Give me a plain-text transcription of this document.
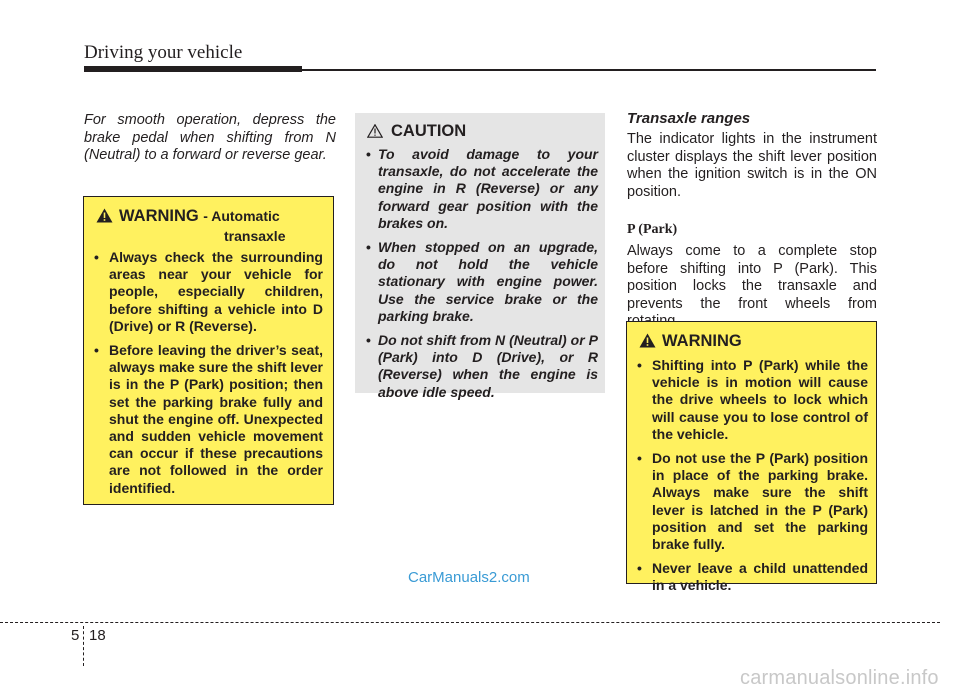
Driving your vehicle
For smooth operation, depress the brake pedal when shifting from N (Neutral) to a forward or reverse gear.
WARNING - Automatic
transaxle
• Always check the surrounding areas near your vehicle for people, especially children, before shifting a vehicle into D (Drive) or R (Reverse).
• Before leaving the driver’s seat, always make sure the shift lever is in the P (Park) position; then set the parking brake fully and shut the engine off. Unexpected and sudden vehicle movement can occur if these precautions are not followed in the order identified.
CAUTION
• To avoid damage to your transaxle, do not accelerate the engine in R (Reverse) or any forward gear position with the brakes on.
• When stopped on an upgrade, do not hold the vehicle stationary with engine power. Use the service brake or the parking brake.
• Do not shift from N (Neutral) or P (Park) into D (Drive), or R (Reverse) when the engine is above idle speed.
Transaxle ranges
The indicator lights in the instrument cluster displays the shift lever position when the ignition switch is in the ON position.
P (Park)
Always come to a complete stop before shifting into P (Park). This position locks the transaxle and prevents the front wheels from
WARNING
• Shifting into P (Park) while the vehicle is in motion will cause the drive wheels to lock which will cause you to lose control of the vehicle.
• Do not use the P (Park) position in place of the parking brake. Always make sure the shift lever is latched in the P (Park) position and set the parking brake fully.
• Never leave a child unattended in a vehicle.
CarManuals2.com
5 18
carmanualsonline.info
